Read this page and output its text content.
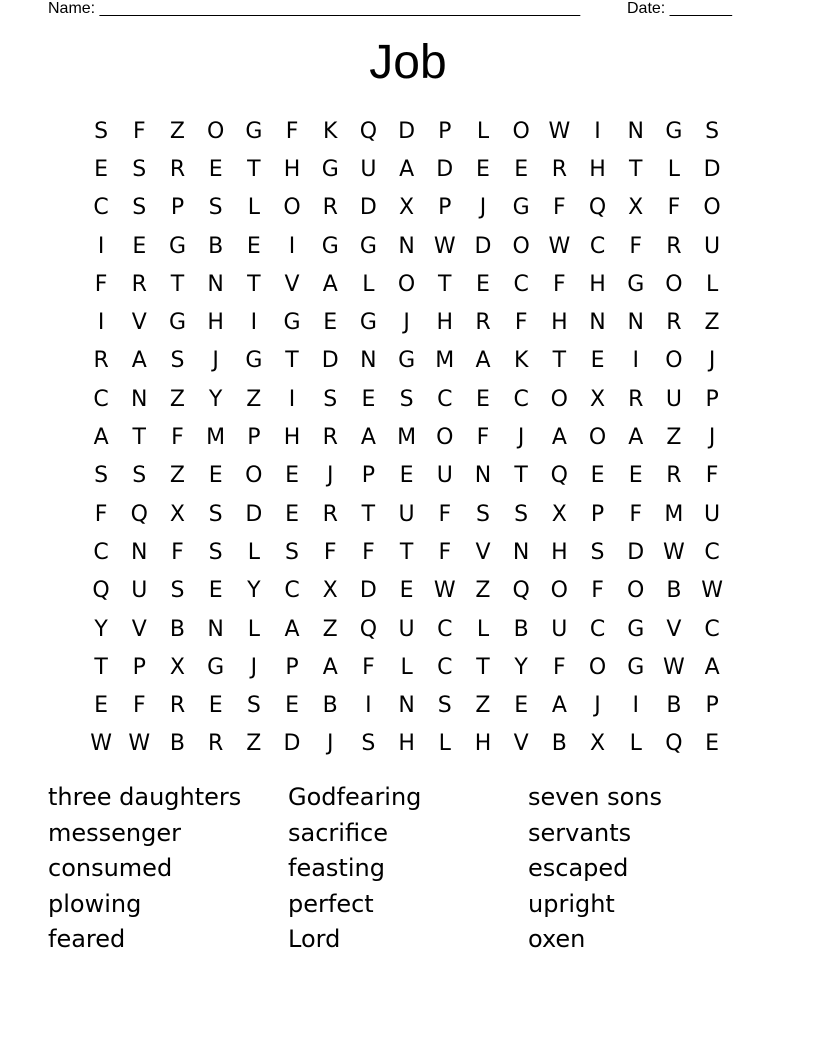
Name: ______________________________________________________	Date: _______
Job
S	F	Z O G	F	K	Q D	P	L	O W	I	N G	S
E	S	R	E	T	H G U	A	D	E	E	R	H	T	L	D
C	S	P	S	L	O R	D	X	P	J	G	F	Q X	F	O
I	E	G	B	E	I	G G N W D O W C	F	R	U
F	R	T	N	T	V	A	L	O	T	E	C	F	H G O	L
I	V	G H	I	G	E	G	J	H	R	F	H N N	R	Z
R	A	S	J	G	T	D N G M A	K	T	E	I	O	J
C	N	Z	Y	Z	I	S	E	S	C	E	C O X	R	U	P
A	T	F	M	P	H	R	A M O	F	J	A O	A	Z	J
S	S	Z	E	O	E	J	P	E	U N	T	Q	E	E	R	F
F	Q X	S	D	E	R	T	U	F	S	S	X	P	F	M U
C	N	F	S	L	S	F	F	T	F	V	N H	S	D W C
Q U	S	E	Y	C	X	D	E W Z Q O	F	O B W
Y	V	B	N	L	A	Z Q U	C	L	B	U	C G	V	C
T	P	X	G	J	P	A	F	L	C	T	Y	F	O G W A
E	F	R	E	S	E	B	I	N	S	Z	E	A	J	I	B	P
W W B	R	Z	D	J	S	H	L	H	V	B	X	L	Q	E
three daughters	Godfearing	seven sons
messenger	sacrifice	servants
consumed	feasting	escaped
plowing	perfect	upright
feared	Lord	oxen
